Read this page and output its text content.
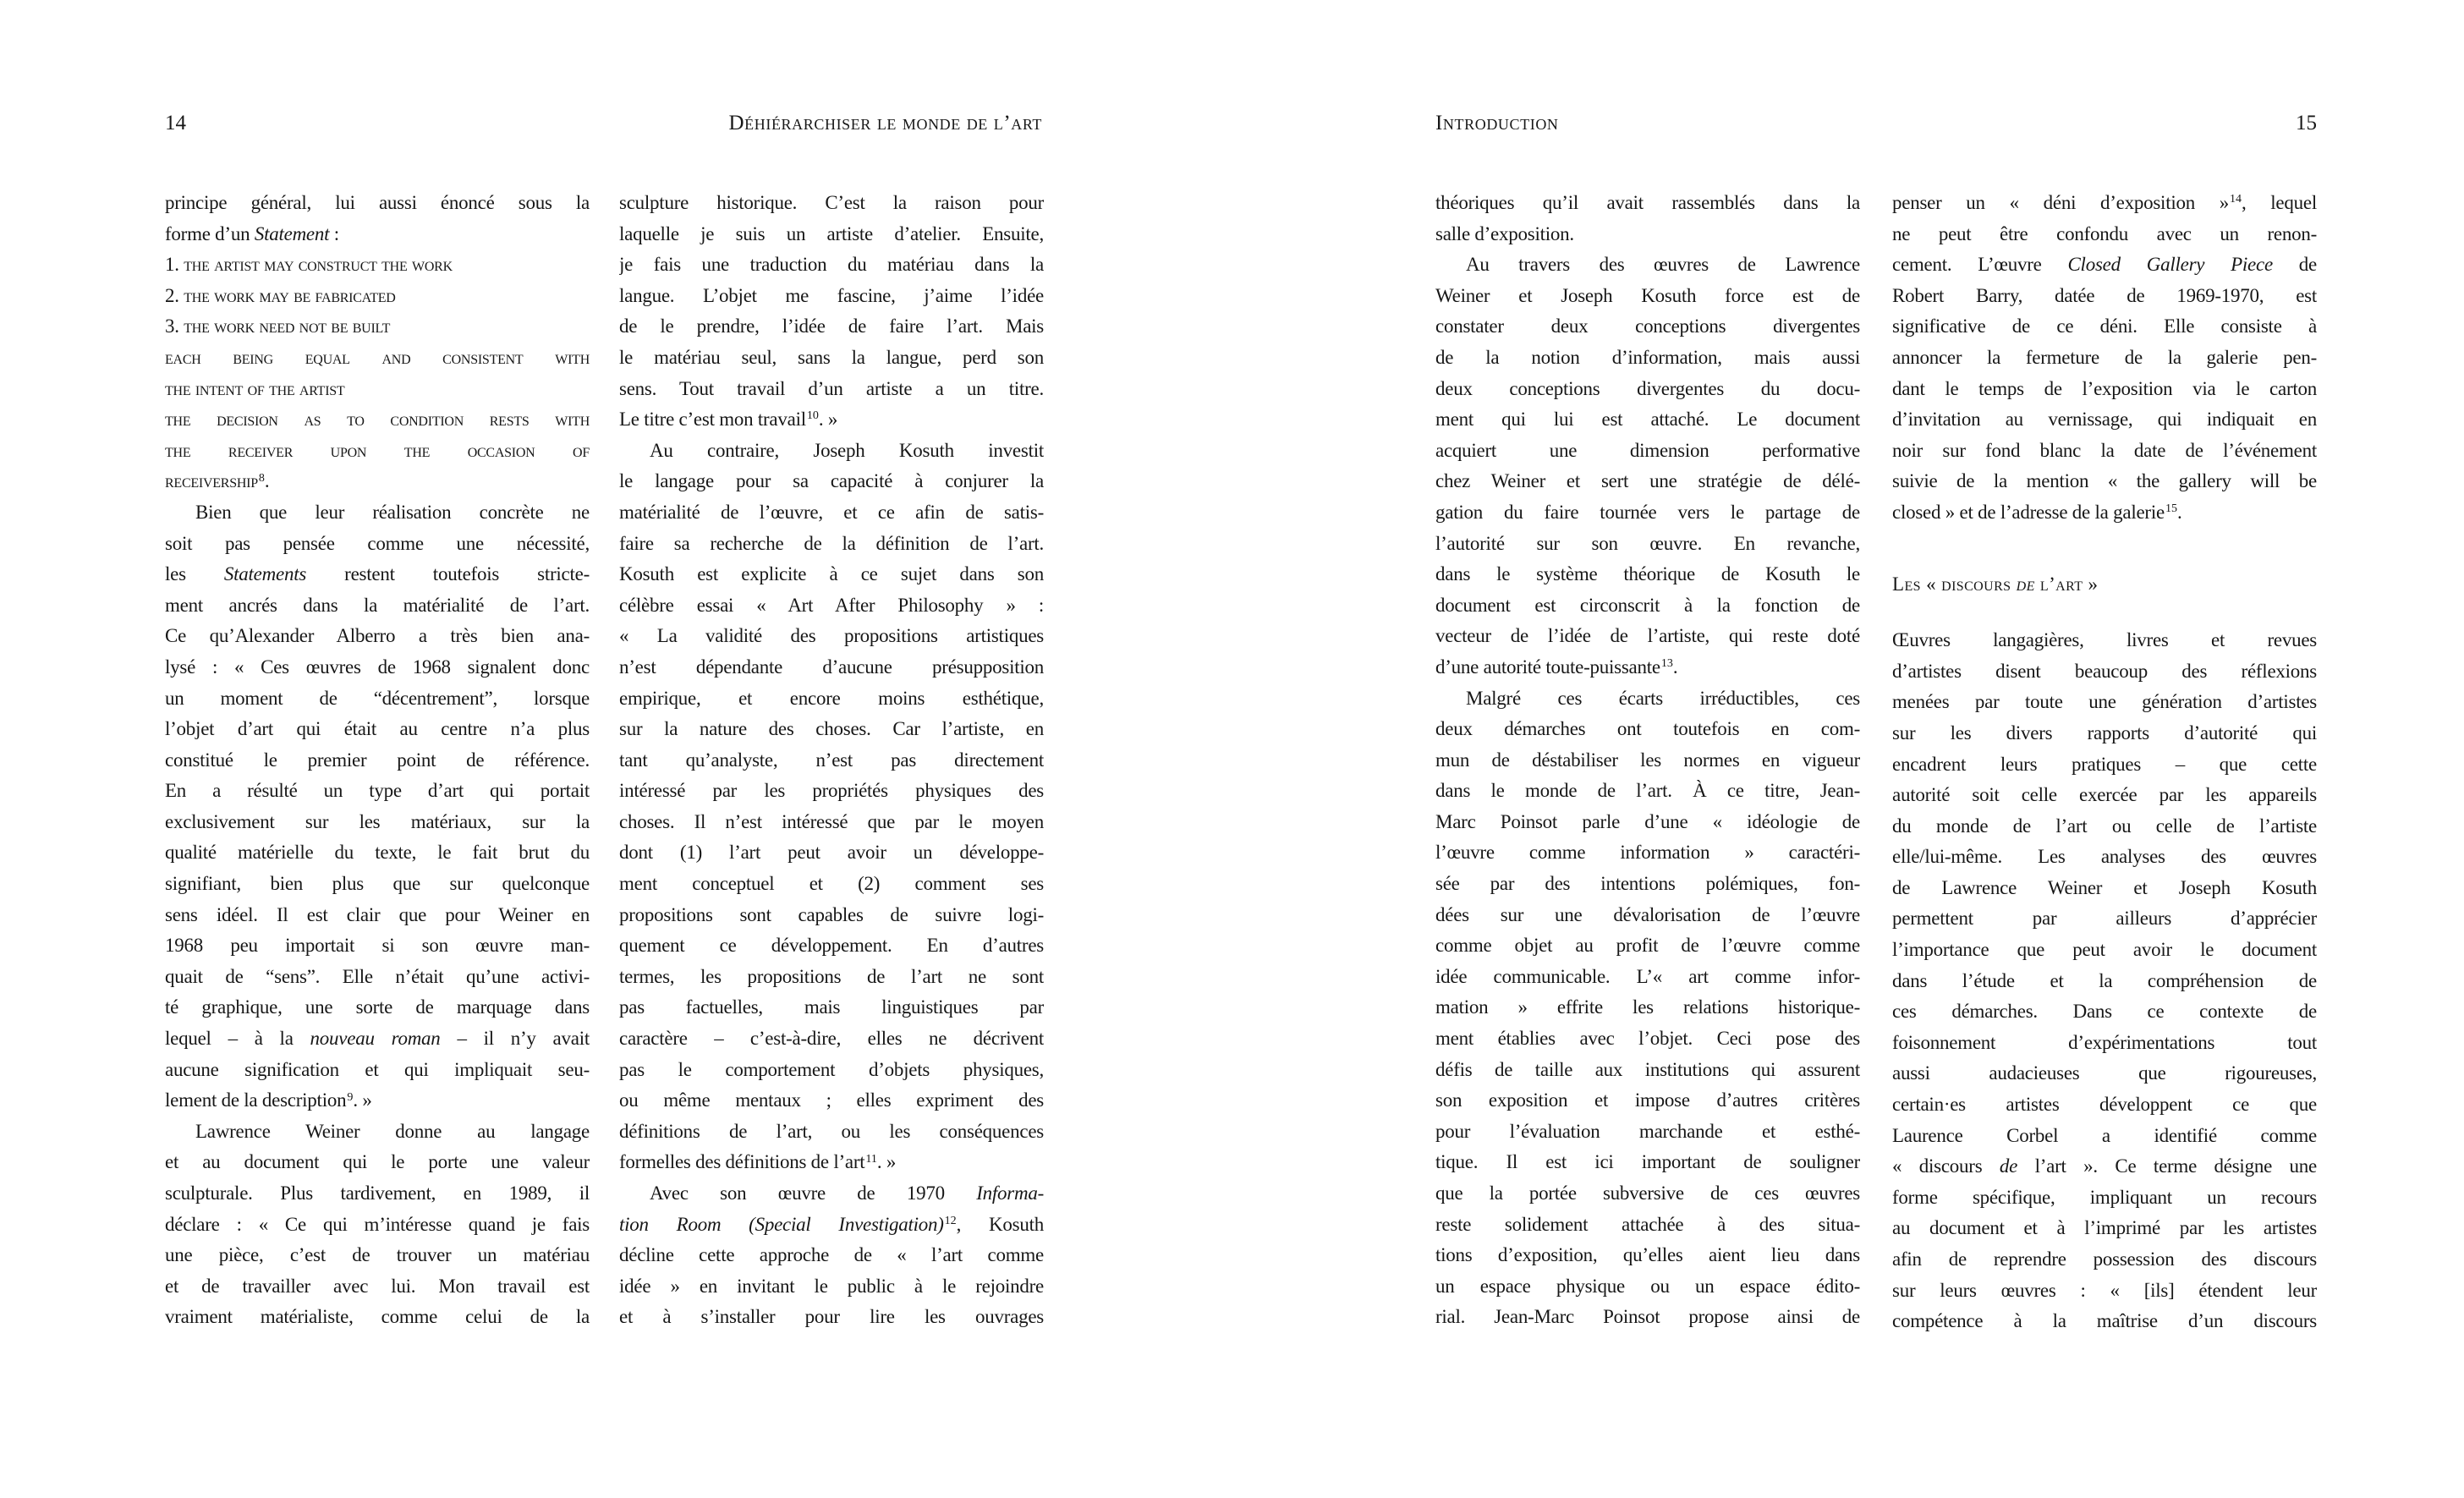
14	Déhiérarchiser le monde de l’art	Introduction	15
principe général, lui aussi énoncé sous la
forme d’un Statement :
1. the artist may construct the work
2. the work may be fabricated
3. the work need not be built
each being equal and consistent with
the intent of the artist
the decision as to condition rests with
the receiver upon the occasion of
receivership$^8$.
Bien que leur réalisation concrète ne
soit pas pensée comme une nécessité,
les Statements restent toutefois stricte-
ment ancrés dans la matérialité de l’art.
Ce qu’Alexander Alberro a très bien ana-
lysé : « Ces œuvres de 1968 signalent donc
un moment de “décentrement”, lorsque
l’objet d’art qui était au centre n’a plus
constitué le premier point de référence.
En a résulté un type d’art qui portait
exclusivement sur les matériaux, sur la
qualité matérielle du texte, le fait brut du
signifiant, bien plus que sur quelconque
sens idéel. Il est clair que pour Weiner en
1968 peu importait si son œuvre man-
quait de “sens”. Elle n’était qu’une activi-
té graphique, une sorte de marquage dans
lequel – à la nouveau roman – il n’y avait
aucune signification et qui impliquait seu-
lement de la description$^9$. »
Lawrence Weiner donne au langage
et au document qui le porte une valeur
sculpturale. Plus tardivement, en 1989, il
déclare : « Ce qui m’intéresse quand je fais
une pièce, c’est de trouver un matériau
et de travailler avec lui. Mon travail est
vraiment matérialiste, comme celui de la
sculpture historique. C’est la raison pour
laquelle je suis un artiste d’atelier. Ensuite,
je fais une traduction du matériau dans la
langue. L’objet me fascine, j’aime l’idée
de le prendre, l’idée de faire l’art. Mais
le matériau seul, sans la langue, perd son
sens. Tout travail d’un artiste a un titre.
Le titre c’est mon travail$^{10}$. »
Au contraire, Joseph Kosuth investit
le langage pour sa capacité à conjurer la
matérialité de l’œuvre, et ce afin de satis-
faire sa recherche de la définition de l’art.
Kosuth est explicite à ce sujet dans son
célèbre essai « Art After Philosophy » :
« La validité des propositions artistiques
n’est dépendante d’aucune présupposition
empirique, et encore moins esthétique,
sur la nature des choses. Car l’artiste, en
tant qu’analyste, n’est pas directement
intéressé par les propriétés physiques des
choses. Il n’est intéressé que par le moyen
dont (1) l’art peut avoir un développe-
ment conceptuel et (2) comment ses
propositions sont capables de suivre logi-
quement ce développement. En d’autres
termes, les propositions de l’art ne sont
pas factuelles, mais linguistiques par
caractère – c’est-à-dire, elles ne décrivent
pas le comportement d’objets physiques,
ou même mentaux ; elles expriment des
définitions de l’art, ou les conséquences
formelles des définitions de l’art$^{11}$. »
Avec son œuvre de 1970 Informa-
tion Room (Special Investigation)$^{12}$, Kosuth
décline cette approche de « l’art comme
idée » en invitant le public à le rejoindre
et à s’installer pour lire les ouvrages
théoriques qu’il avait rassemblés dans la
salle d’exposition.
Au travers des œuvres de Lawrence
Weiner et Joseph Kosuth force est de
constater deux conceptions divergentes
de la notion d’information, mais aussi
deux conceptions divergentes du docu-
ment qui lui est attaché. Le document
acquiert une dimension performative
chez Weiner et sert une stratégie de délé-
gation du faire tournée vers le partage de
l’autorité sur son œuvre. En revanche,
dans le système théorique de Kosuth le
document est circonscrit à la fonction de
vecteur de l’idée de l’artiste, qui reste doté
d’une autorité toute-puissante$^{13}$.
Malgré ces écarts irréductibles, ces
deux démarches ont toutefois en com-
mun de déstabiliser les normes en vigueur
dans le monde de l’art. À ce titre, Jean-
Marc Poinsot parle d’une « idéologie de
l’œuvre comme information » caractéri-
sée par des intentions polémiques, fon-
dées sur une dévalorisation de l’œuvre
comme objet au profit de l’œuvre comme
idée communicable. L’« art comme infor-
mation » effrite les relations historique-
ment établies avec l’objet. Ceci pose des
défis de taille aux institutions qui assurent
son exposition et impose d’autres critères
pour l’évaluation marchande et esthé-
tique. Il est ici important de souligner
que la portée subversive de ces œuvres
reste solidement attachée à des situa-
tions d’exposition, qu’elles aient lieu dans
un espace physique ou un espace édito-
rial. Jean-Marc Poinsot propose ainsi de
penser un « déni d’exposition »$^{14}$, lequel
ne peut être confondu avec un renon-
cement. L’œuvre Closed Gallery Piece de
Robert Barry, datée de 1969-1970, est
significative de ce déni. Elle consiste à
annoncer la fermeture de la galerie pen-
dant le temps de l’exposition via le carton
d’invitation au vernissage, qui indiquait en
noir sur fond blanc la date de l’événement
suivie de la mention « the gallery will be
closed » et de l’adresse de la galerie$^{15}$.
Les « discours de l’art »
Œuvres langagières, livres et revues
d’artistes disent beaucoup des réflexions
menées par toute une génération d’artistes
sur les divers rapports d’autorité qui
encadrent leurs pratiques – que cette
autorité soit celle exercée par les appareils
du monde de l’art ou celle de l’artiste
elle/lui-même. Les analyses des œuvres
de Lawrence Weiner et Joseph Kosuth
permettent par ailleurs d’apprécier
l’importance que peut avoir le document
dans l’étude et la compréhension de
ces démarches. Dans ce contexte de
foisonnement d’expérimentations tout
aussi audacieuses que rigoureuses,
certain·es artistes développent ce que
Laurence Corbel a identifié comme
« discours de l’art ». Ce terme désigne une
forme spécifique, impliquant un recours
au document et à l’imprimé par les artistes
afin de reprendre possession des discours
sur leurs œuvres : « [ils] étendent leur
compétence à la maîtrise d’un discours
